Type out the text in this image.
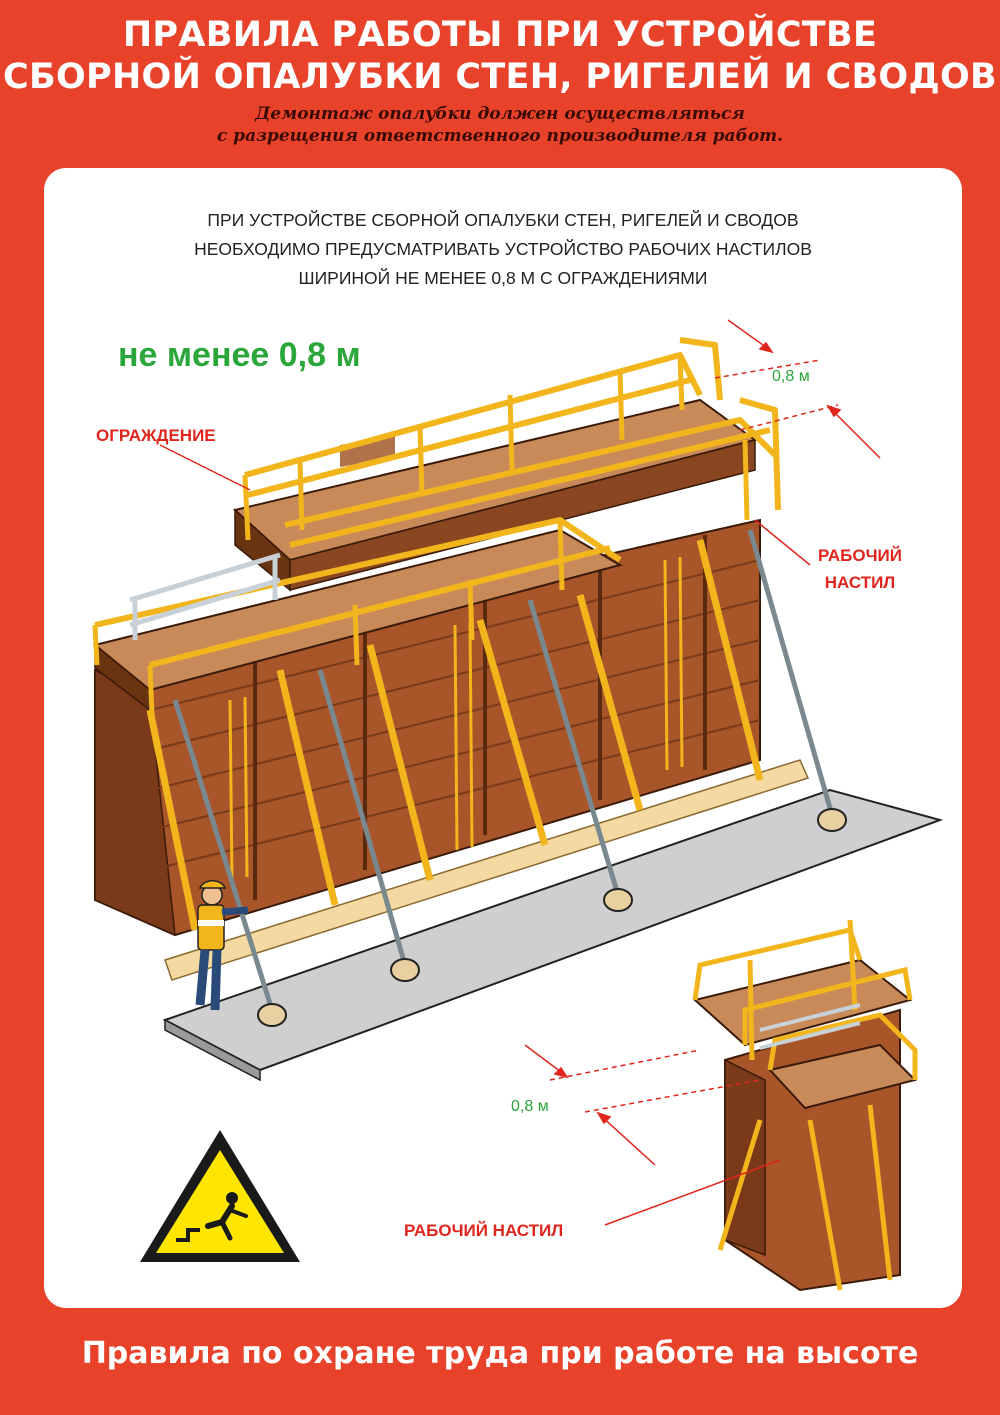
ПРАВИЛА РАБОТЫ ПРИ УСТРОЙСТВЕ
СБОРНОЙ ОПАЛУБКИ СТЕН, РИГЕЛЕЙ И СВОДОВ
Демонтаж опалубки должен осуществляться
с разрещения ответственного производителя работ.
ПРИ УСТРОЙСТВЕ СБОРНОЙ ОПАЛУБКИ СТЕН, РИГЕЛЕЙ И СВОДОВ
НЕОБХОДИМО ПРЕДУСМАТРИВАТЬ УСТРОЙСТВО РАБОЧИХ НАСТИЛОВ
ШИРИНОЙ НЕ МЕНЕЕ 0,8 М С ОГРАЖДЕНИЯМИ
не менее 0,8 м
ОГРАЖДЕНИЕ
РАБОЧИЙ
НАСТИЛ
0,8 м
0,8 м
РАБОЧИЙ НАСТИЛ
Правила по охране труда при работе на высоте
